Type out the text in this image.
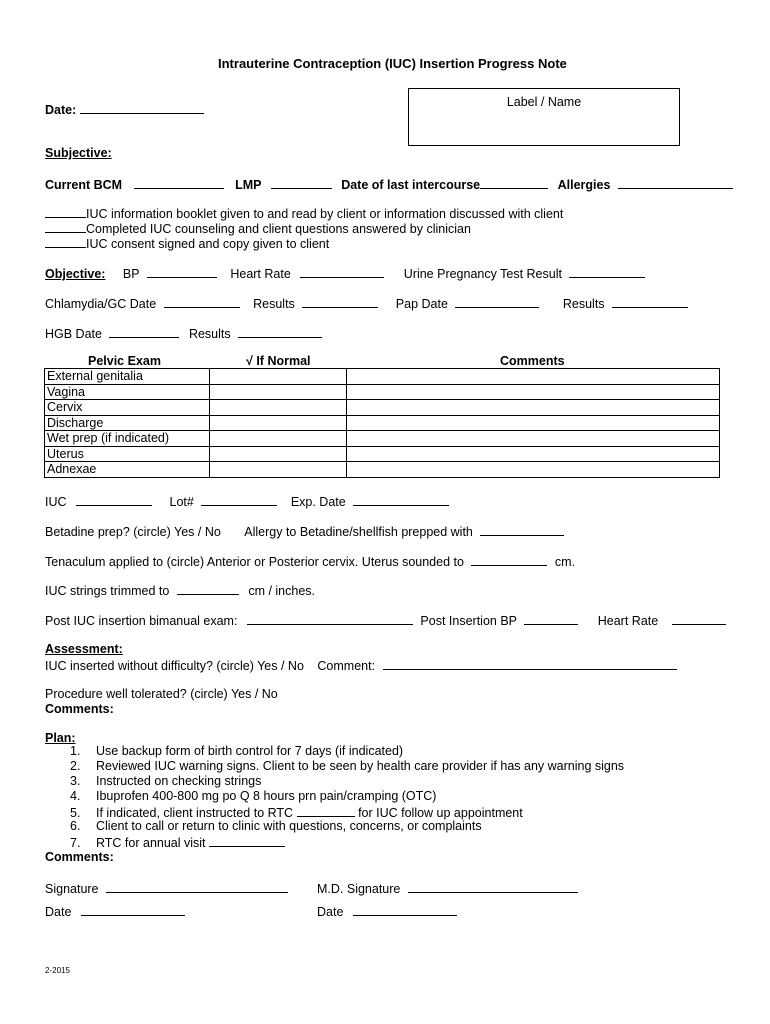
Intrauterine Contraception (IUC) Insertion Progress Note
Date:
Label / Name
Subjective:
Current BCM	LMP	Date of last intercourse	Allergies
IUC information booklet given to and read by client or information discussed with client
Completed IUC counseling and client questions answered by clinician
IUC consent signed and copy given to client
Objective: BP	Heart Rate	Urine Pregnancy Test Result
Chlamydia/GC Date	Results	Pap Date	Results
HGB Date	Results
Pelvic Exam	√ If Normal	Comments
External genitalia		
Vagina		
Cervix		
Discharge		
Wet prep (if indicated)		
Uterus		
Adnexae		
IUC	Lot#	Exp. Date
Betadine prep? (circle) Yes / No Allergy to Betadine/shellfish prepped with
Tenaculum applied to (circle) Anterior or Posterior cervix. Uterus sounded to	cm.
IUC strings trimmed to	cm / inches.
Post IUC insertion bimanual exam:	Post Insertion BP	Heart Rate
Assessment:
IUC inserted without difficulty? (circle) Yes / No Comment:
Procedure well tolerated? (circle) Yes / No
Comments:
Plan:
1. Use backup form of birth control for 7 days (if indicated)
2. Reviewed IUC warning signs. Client to be seen by health care provider if has any warning signs
3. Instructed on checking strings
4. Ibuprofen 400-800 mg po Q 8 hours prn pain/cramping (OTC)
5. If indicated, client instructed to RTC	for IUC follow up appointment
6. Client to call or return to clinic with questions, concerns, or complaints
7. RTC for annual visit
Comments:
Signature	M.D. Signature
Date	Date
2-2015
